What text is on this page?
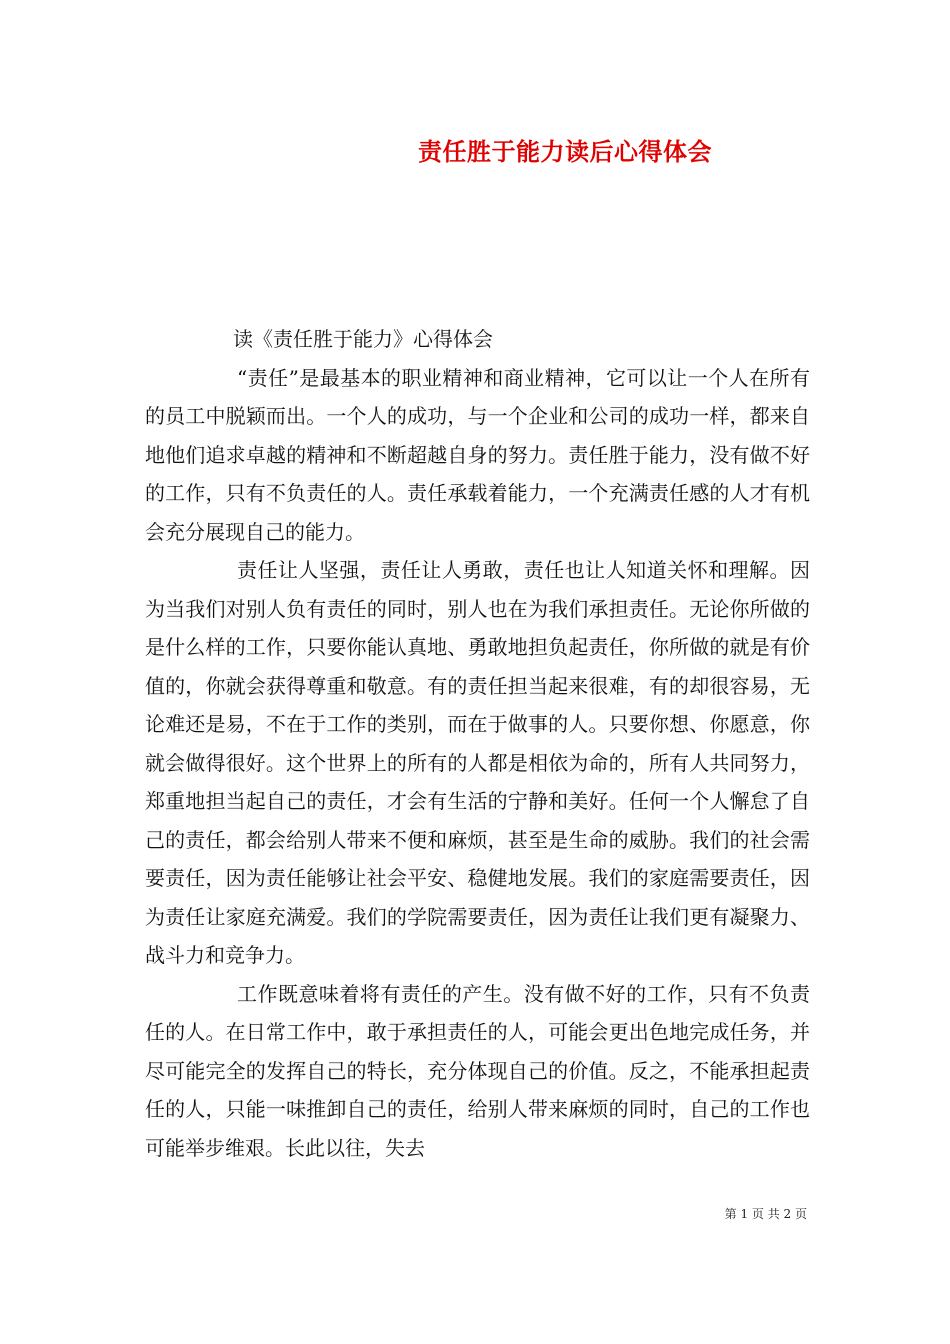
责任胜于能力读后心得体会

读《责任胜于能力》心得体会

“责任”是最基本的职业精神和商业精神，它可以让一个人在所有的员工中脱颖而出。一个人的成功，与一个企业和公司的成功一样，都来自地他们追求卓越的精神和不断超越自身的努力。责任胜于能力，没有做不好的工作，只有不负责任的人。责任承载着能力，一个充满责任感的人才有机会充分展现自己的能力。

责任让人坚强，责任让人勇敢，责任也让人知道关怀和理解。因为当我们对别人负有责任的同时，别人也在为我们承担责任。无论你所做的是什么样的工作，只要你能认真地、勇敢地担负起责任，你所做的就是有价值的，你就会获得尊重和敬意。有的责任担当起来很难，有的却很容易，无论难还是易，不在于工作的类别，而在于做事的人。只要你想、你愿意，你就会做得很好。这个世界上的所有的人都是相依为命的，所有人共同努力，郑重地担当起自己的责任，才会有生活的宁静和美好。任何一个人懈怠了自己的责任，都会给别人带来不便和麻烦，甚至是生命的威胁。我们的社会需要责任，因为责任能够让社会平安、稳健地发展。我们的家庭需要责任，因为责任让家庭充满爱。我们的学院需要责任，因为责任让我们更有凝聚力、战斗力和竞争力。

工作既意味着将有责任的产生。没有做不好的工作，只有不负责任的人。在日常工作中，敢于承担责任的人，可能会更出色地完成任务，并尽可能完全的发挥自己的特长，充分体现自己的价值。反之，不能承担起责任的人，只能一味推卸自己的责任，给别人带来麻烦的同时，自己的工作也可能举步维艰。长此以往，失去

第 1 页 共 2 页
